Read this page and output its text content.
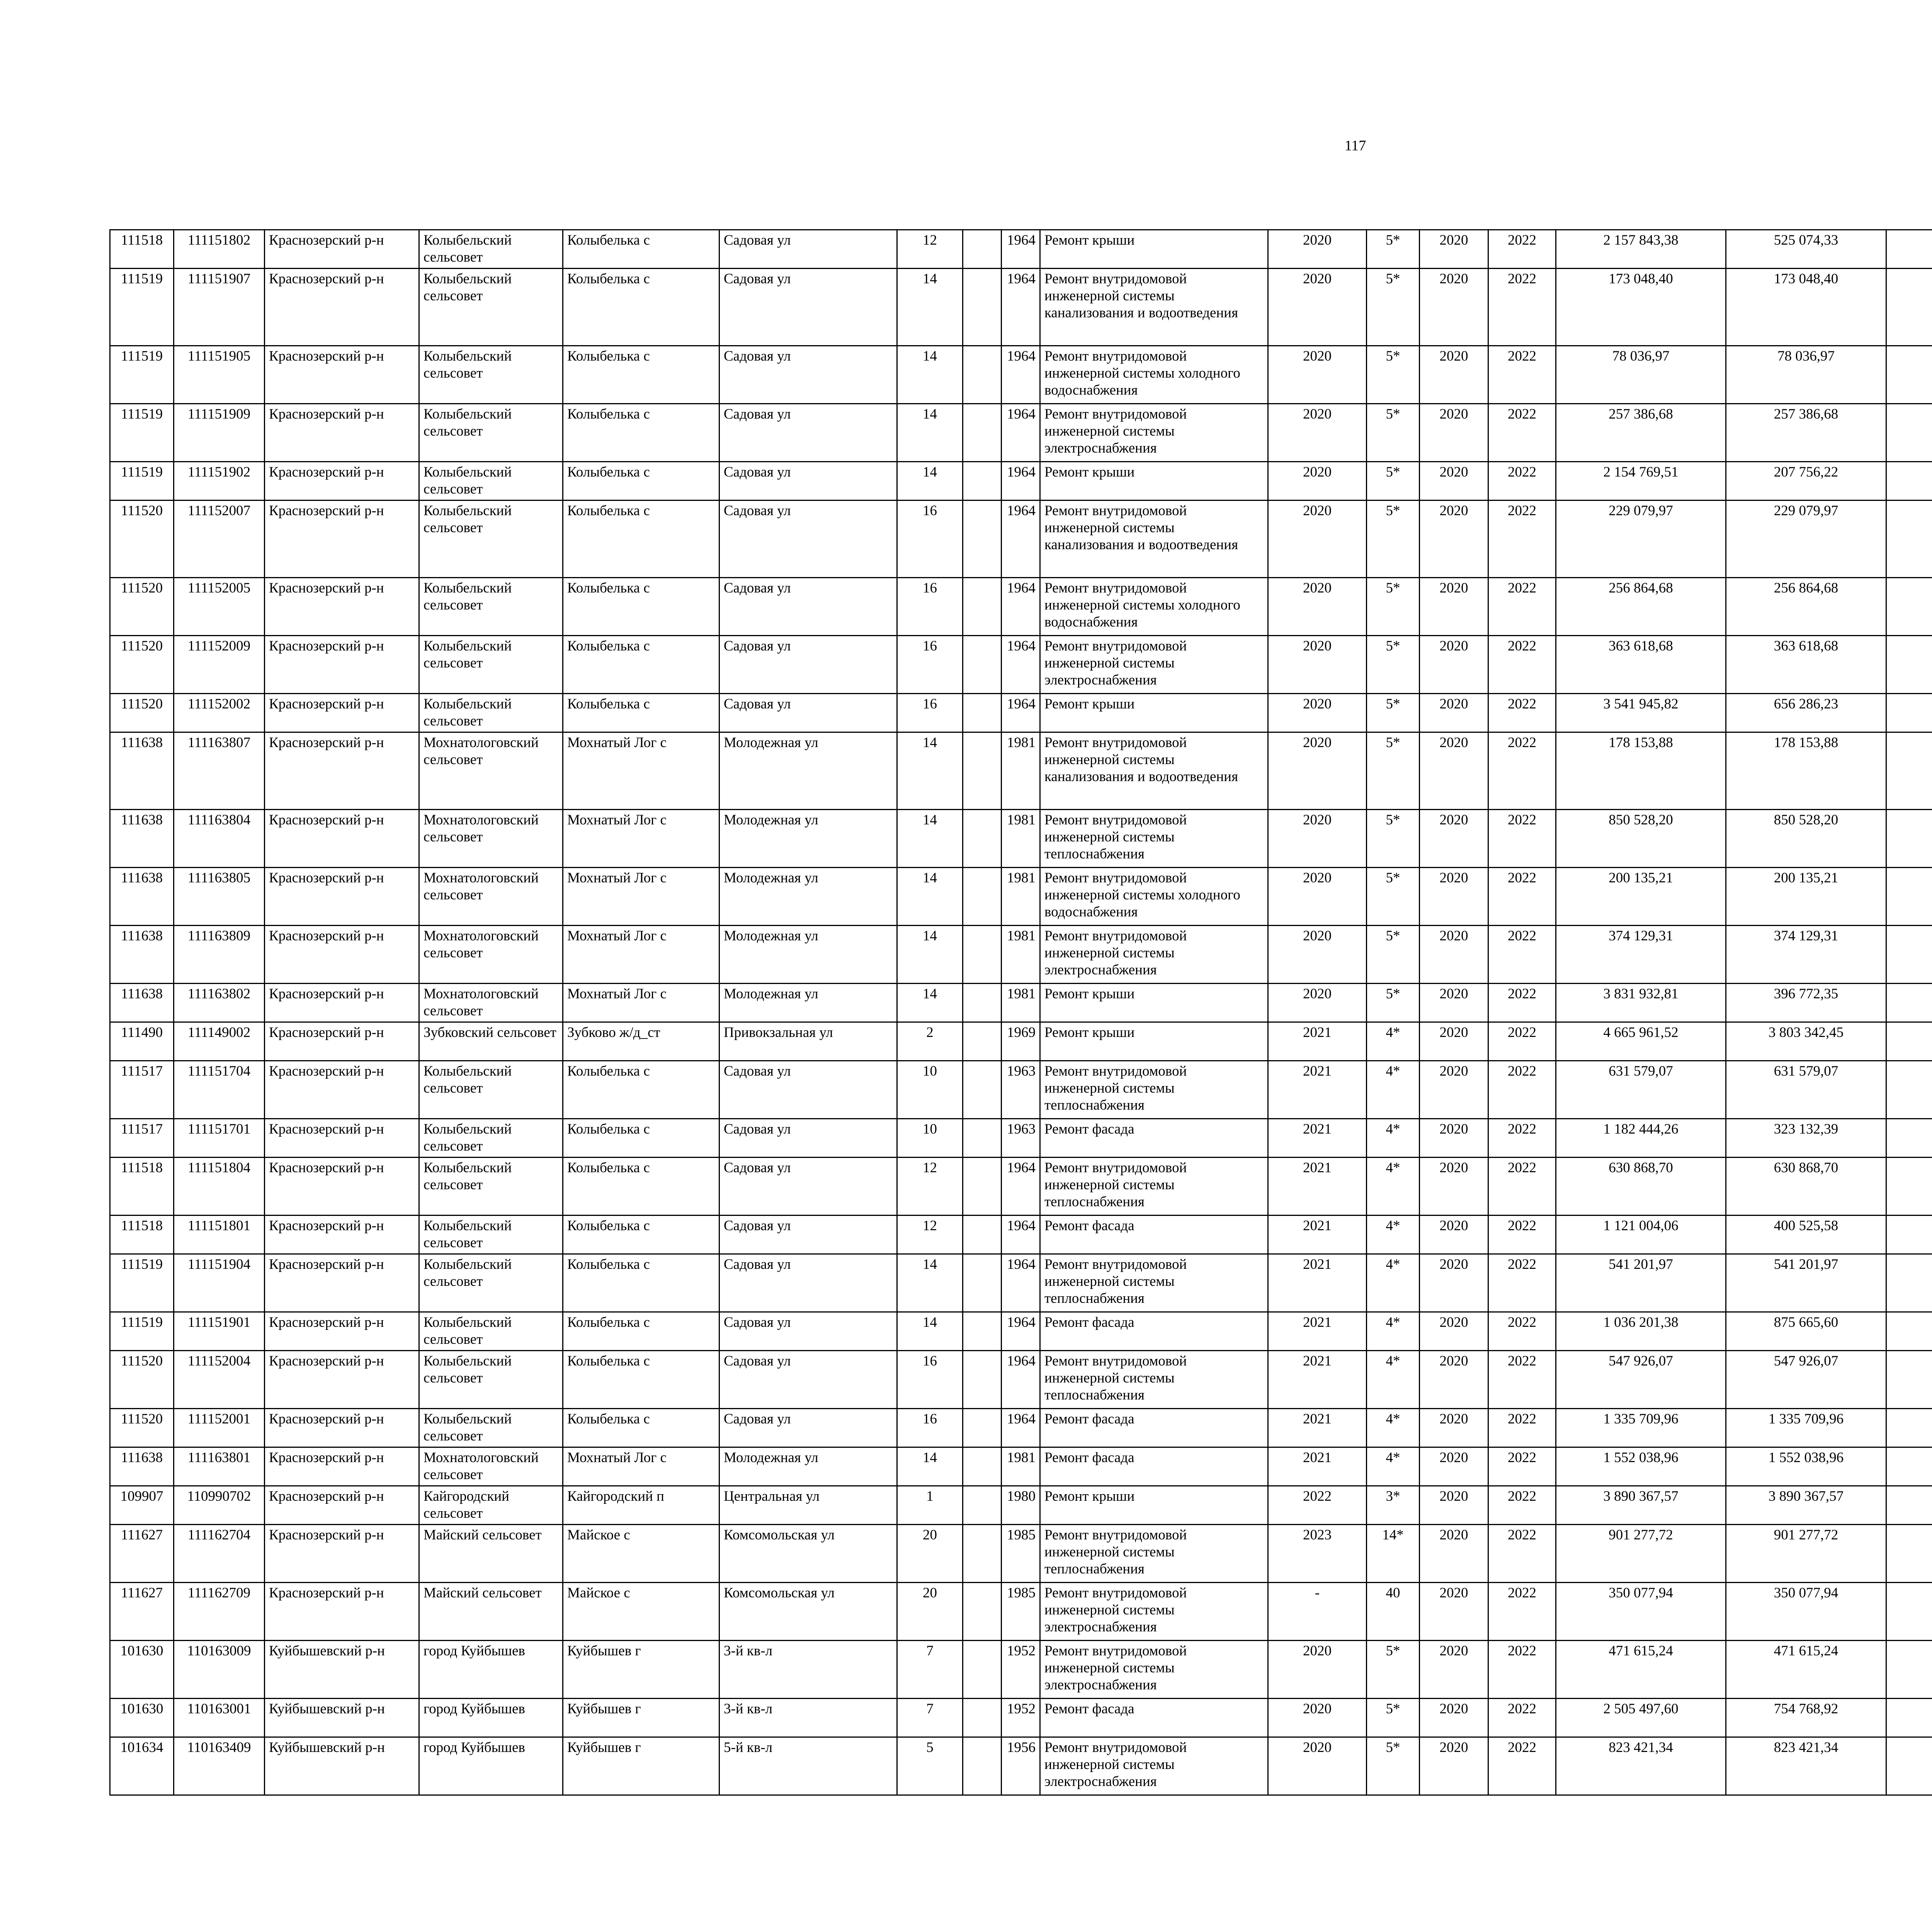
117
111518	111151802	Краснозерский р-н	Колыбельский сельсовет	Колыбелька с	Садовая ул	12		1964	Ремонт крыши	2020	5*	2020	2022	2 157 843,38	525 074,33						
111519	111151907	Краснозерский р-н	Колыбельский сельсовет	Колыбелька с	Садовая ул	14		1964	Ремонт внутридомовой инженерной системы канализования и водоотведения	2020	5*	2020	2022	173 048,40	173 048,40						
111519	111151905	Краснозерский р-н	Колыбельский сельсовет	Колыбелька с	Садовая ул	14		1964	Ремонт внутридомовой инженерной системы холодного водоснабжения	2020	5*	2020	2022	78 036,97	78 036,97						
111519	111151909	Краснозерский р-н	Колыбельский сельсовет	Колыбелька с	Садовая ул	14		1964	Ремонт внутридомовой инженерной системы электроснабжения	2020	5*	2020	2022	257 386,68	257 386,68						
111519	111151902	Краснозерский р-н	Колыбельский сельсовет	Колыбелька с	Садовая ул	14		1964	Ремонт крыши	2020	5*	2020	2022	2 154 769,51	207 756,22						
111520	111152007	Краснозерский р-н	Колыбельский сельсовет	Колыбелька с	Садовая ул	16		1964	Ремонт внутридомовой инженерной системы канализования и водоотведения	2020	5*	2020	2022	229 079,97	229 079,97						
111520	111152005	Краснозерский р-н	Колыбельский сельсовет	Колыбелька с	Садовая ул	16		1964	Ремонт внутридомовой инженерной системы холодного водоснабжения	2020	5*	2020	2022	256 864,68	256 864,68						
111520	111152009	Краснозерский р-н	Колыбельский сельсовет	Колыбелька с	Садовая ул	16		1964	Ремонт внутридомовой инженерной системы электроснабжения	2020	5*	2020	2022	363 618,68	363 618,68						
111520	111152002	Краснозерский р-н	Колыбельский сельсовет	Колыбелька с	Садовая ул	16		1964	Ремонт крыши	2020	5*	2020	2022	3 541 945,82	656 286,23						
111638	111163807	Краснозерский р-н	Мохнатологовский сельсовет	Мохнатый Лог с	Молодежная ул	14		1981	Ремонт внутридомовой инженерной системы канализования и водоотведения	2020	5*	2020	2022	178 153,88	178 153,88						
111638	111163804	Краснозерский р-н	Мохнатологовский сельсовет	Мохнатый Лог с	Молодежная ул	14		1981	Ремонт внутридомовой инженерной системы теплоснабжения	2020	5*	2020	2022	850 528,20	850 528,20						
111638	111163805	Краснозерский р-н	Мохнатологовский сельсовет	Мохнатый Лог с	Молодежная ул	14		1981	Ремонт внутридомовой инженерной системы холодного водоснабжения	2020	5*	2020	2022	200 135,21	200 135,21						
111638	111163809	Краснозерский р-н	Мохнатологовский сельсовет	Мохнатый Лог с	Молодежная ул	14		1981	Ремонт внутридомовой инженерной системы электроснабжения	2020	5*	2020	2022	374 129,31	374 129,31						
111638	111163802	Краснозерский р-н	Мохнатологовский сельсовет	Мохнатый Лог с	Молодежная ул	14		1981	Ремонт крыши	2020	5*	2020	2022	3 831 932,81	396 772,35						
111490	111149002	Краснозерский р-н	Зубковский сельсовет	Зубково ж/д_ст	Привокзальная ул	2		1969	Ремонт крыши	2021	4*	2020	2022	4 665 961,52	3 803 342,45						
111517	111151704	Краснозерский р-н	Колыбельский сельсовет	Колыбелька с	Садовая ул	10		1963	Ремонт внутридомовой инженерной системы теплоснабжения	2021	4*	2020	2022	631 579,07	631 579,07						
111517	111151701	Краснозерский р-н	Колыбельский сельсовет	Колыбелька с	Садовая ул	10		1963	Ремонт фасада	2021	4*	2020	2022	1 182 444,26	323 132,39						
111518	111151804	Краснозерский р-н	Колыбельский сельсовет	Колыбелька с	Садовая ул	12		1964	Ремонт внутридомовой инженерной системы теплоснабжения	2021	4*	2020	2022	630 868,70	630 868,70						
111518	111151801	Краснозерский р-н	Колыбельский сельсовет	Колыбелька с	Садовая ул	12		1964	Ремонт фасада	2021	4*	2020	2022	1 121 004,06	400 525,58						
111519	111151904	Краснозерский р-н	Колыбельский сельсовет	Колыбелька с	Садовая ул	14		1964	Ремонт внутридомовой инженерной системы теплоснабжения	2021	4*	2020	2022	541 201,97	541 201,97						
111519	111151901	Краснозерский р-н	Колыбельский сельсовет	Колыбелька с	Садовая ул	14		1964	Ремонт фасада	2021	4*	2020	2022	1 036 201,38	875 665,60						
111520	111152004	Краснозерский р-н	Колыбельский сельсовет	Колыбелька с	Садовая ул	16		1964	Ремонт внутридомовой инженерной системы теплоснабжения	2021	4*	2020	2022	547 926,07	547 926,07						
111520	111152001	Краснозерский р-н	Колыбельский сельсовет	Колыбелька с	Садовая ул	16		1964	Ремонт фасада	2021	4*	2020	2022	1 335 709,96	1 335 709,96						
111638	111163801	Краснозерский р-н	Мохнатологовский сельсовет	Мохнатый Лог с	Молодежная ул	14		1981	Ремонт фасада	2021	4*	2020	2022	1 552 038,96	1 552 038,96						
109907	110990702	Краснозерский р-н	Кайгородский сельсовет	Кайгородский п	Центральная ул	1		1980	Ремонт крыши	2022	3*	2020	2022	3 890 367,57	3 890 367,57						
111627	111162704	Краснозерский р-н	Майский сельсовет	Майское с	Комсомольская ул	20		1985	Ремонт внутридомовой инженерной системы теплоснабжения	2023	14*	2020	2022	901 277,72	901 277,72						
111627	111162709	Краснозерский р-н	Майский сельсовет	Майское с	Комсомольская ул	20		1985	Ремонт внутридомовой инженерной системы электроснабжения	-	40	2020	2022	350 077,94	350 077,94						
101630	110163009	Куйбышевский р-н	город Куйбышев	Куйбышев г	3-й кв-л	7		1952	Ремонт внутридомовой инженерной системы электроснабжения	2020	5*	2020	2022	471 615,24	471 615,24						
101630	110163001	Куйбышевский р-н	город Куйбышев	Куйбышев г	3-й кв-л	7		1952	Ремонт фасада	2020	5*	2020	2022	2 505 497,60	754 768,92						
101634	110163409	Куйбышевский р-н	город Куйбышев	Куйбышев г	5-й кв-л	5		1956	Ремонт внутридомовой инженерной системы электроснабжения	2020	5*	2020	2022	823 421,34	823 421,34						
